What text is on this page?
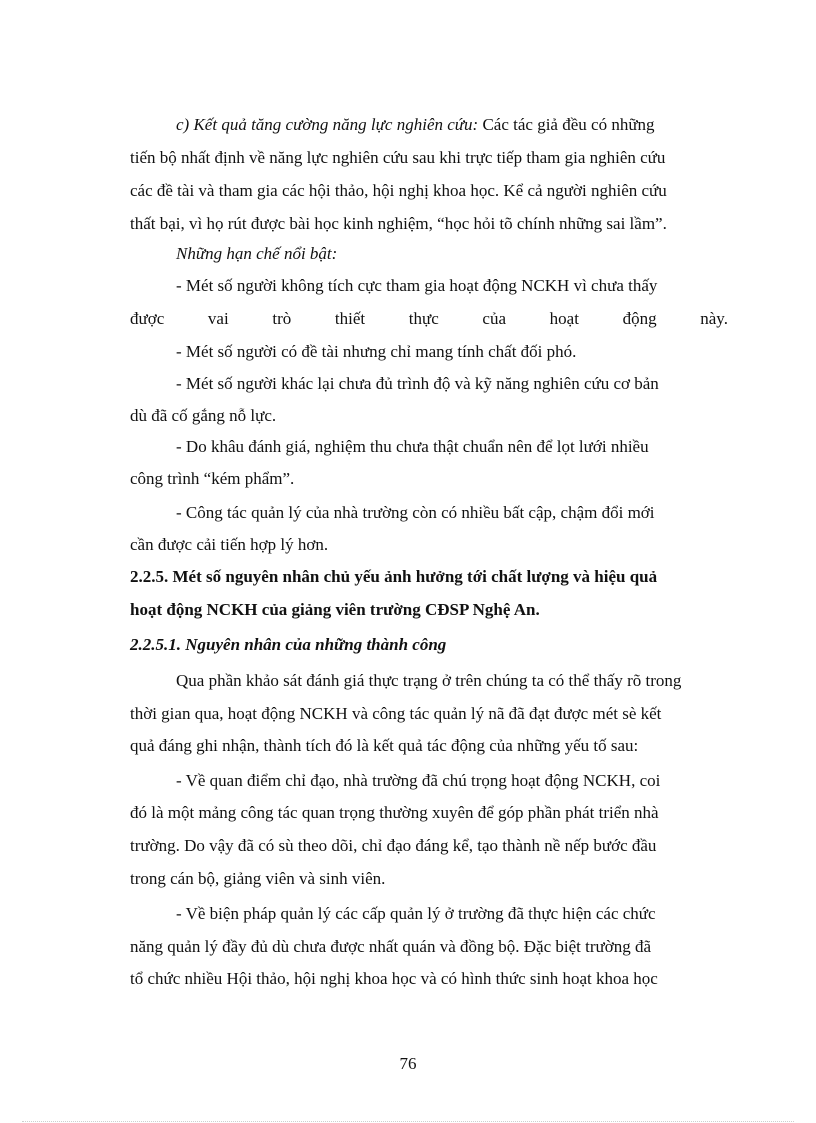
c) Kết quả tăng cường năng lực nghiên cứu: Các tác giả đều có những
tiến bộ nhất định về năng lực nghiên cứu sau khi trực tiếp tham gia nghiên cứu
các đề tài và tham gia các hội thảo, hội nghị khoa học. Kể cả người nghiên cứu
thất bại, vì họ rút được bài học kinh nghiệm, “học hỏi tõ chính những sai lầm”.
Những hạn chế nổi bật:
- Mét số người không tích cực tham gia hoạt động NCKH vì chưa thấy
được	vai	trò	thiết	thực	của	hoạt	động	này.
- Mét số người có đề tài nhưng chỉ mang tính chất đối phó.
- Mét số người khác lại chưa đủ trình độ và kỹ năng nghiên cứu cơ bản
dù đã cố gắng nỗ lực.
- Do khâu đánh giá, nghiệm thu chưa thật chuẩn nên để lọt lưới nhiều
công trình “kém phẩm”.
- Công tác quản lý của nhà trường còn có nhiều bất cập, chậm đổi mới
cần được cải tiến hợp lý hơn.
2.2.5. Mét số nguyên nhân chủ yếu ảnh hưởng tới chất lượng và hiệu quả
hoạt động NCKH của giảng viên trường CĐSP Nghệ An.
2.2.5.1. Nguyên nhân của những thành công
Qua phần khảo sát đánh giá thực trạng ở trên chúng ta có thể thấy rõ trong
thời gian qua, hoạt động NCKH và công tác quản lý nã đã đạt được mét sè kết
quả đáng ghi nhận, thành tích đó là kết quả tác động của những yếu tố sau:
- Về quan điểm chỉ đạo, nhà trường đã chú trọng hoạt động NCKH, coi
đó là một mảng công tác quan trọng thường xuyên để góp phần phát triển nhà
trường. Do vậy đã có sù theo dõi, chỉ đạo đáng kể, tạo thành nề nếp bước đầu
trong cán bộ, giảng viên và sinh viên.
- Về biện pháp quản lý các cấp quản lý ở trường đã thực hiện các chức
năng quản lý đầy đủ dù chưa được nhất quán và đồng bộ. Đặc biệt trường đã
tổ chức nhiều Hội thảo, hội nghị khoa học và có hình thức sinh hoạt khoa học
76
